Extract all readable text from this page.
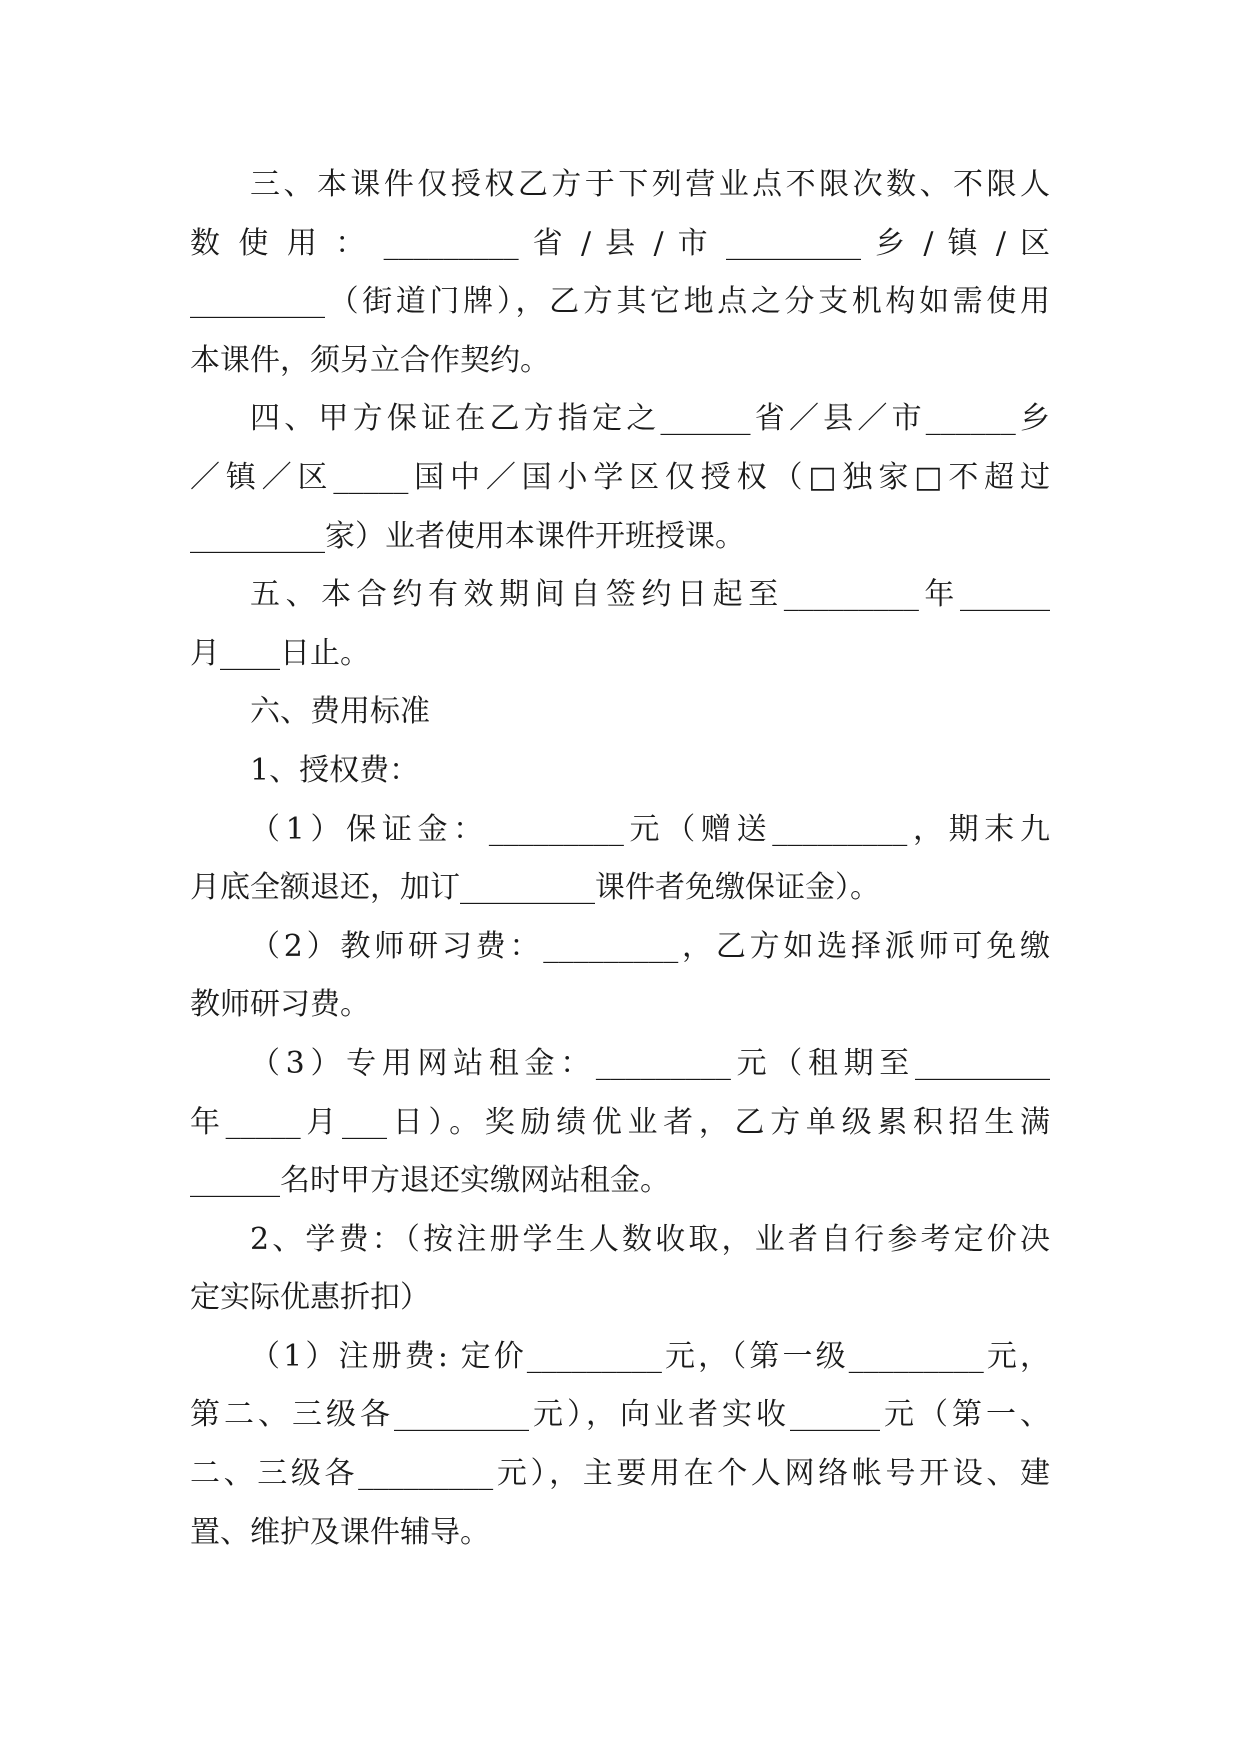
三、本课件仅授权乙方于下列营业点不限次数、不限人
数 使 用 ： _________ 省 / 县 / 市 _________ 乡 / 镇 / 区
_________（街道门牌），乙方其它地点之分支机构如需使用
本课件，须另立合作契约。
四、甲方保证在乙方指定之______省／县／市______乡
／镇／区_____国中／国小学区仅授权（□独家□不超过
_________家）业者使用本课件开班授课。
五、本合约有效期间自签约日起至_________年______
月____日止。
六、费用标准
1、授权费：
（1）保证金：_________元（赠送_________，期末九
月底全额退还，加订_________课件者免缴保证金）。
（2）教师研习费：_________，乙方如选择派师可免缴
教师研习费。
（3）专用网站租金：_________元（租期至_________
年_____月___日）。奖励绩优业者，乙方单级累积招生满
______名时甲方退还实缴网站租金。
2、学费：（按注册学生人数收取，业者自行参考定价决
定实际优惠折扣）
（1）注册费: 定价_________元，（第一级_________元，
第二、三级各_________元），向业者实收______元（第一、
二、三级各_________元），主要用在个人网络帐号开设、建
置、维护及课件辅导。
